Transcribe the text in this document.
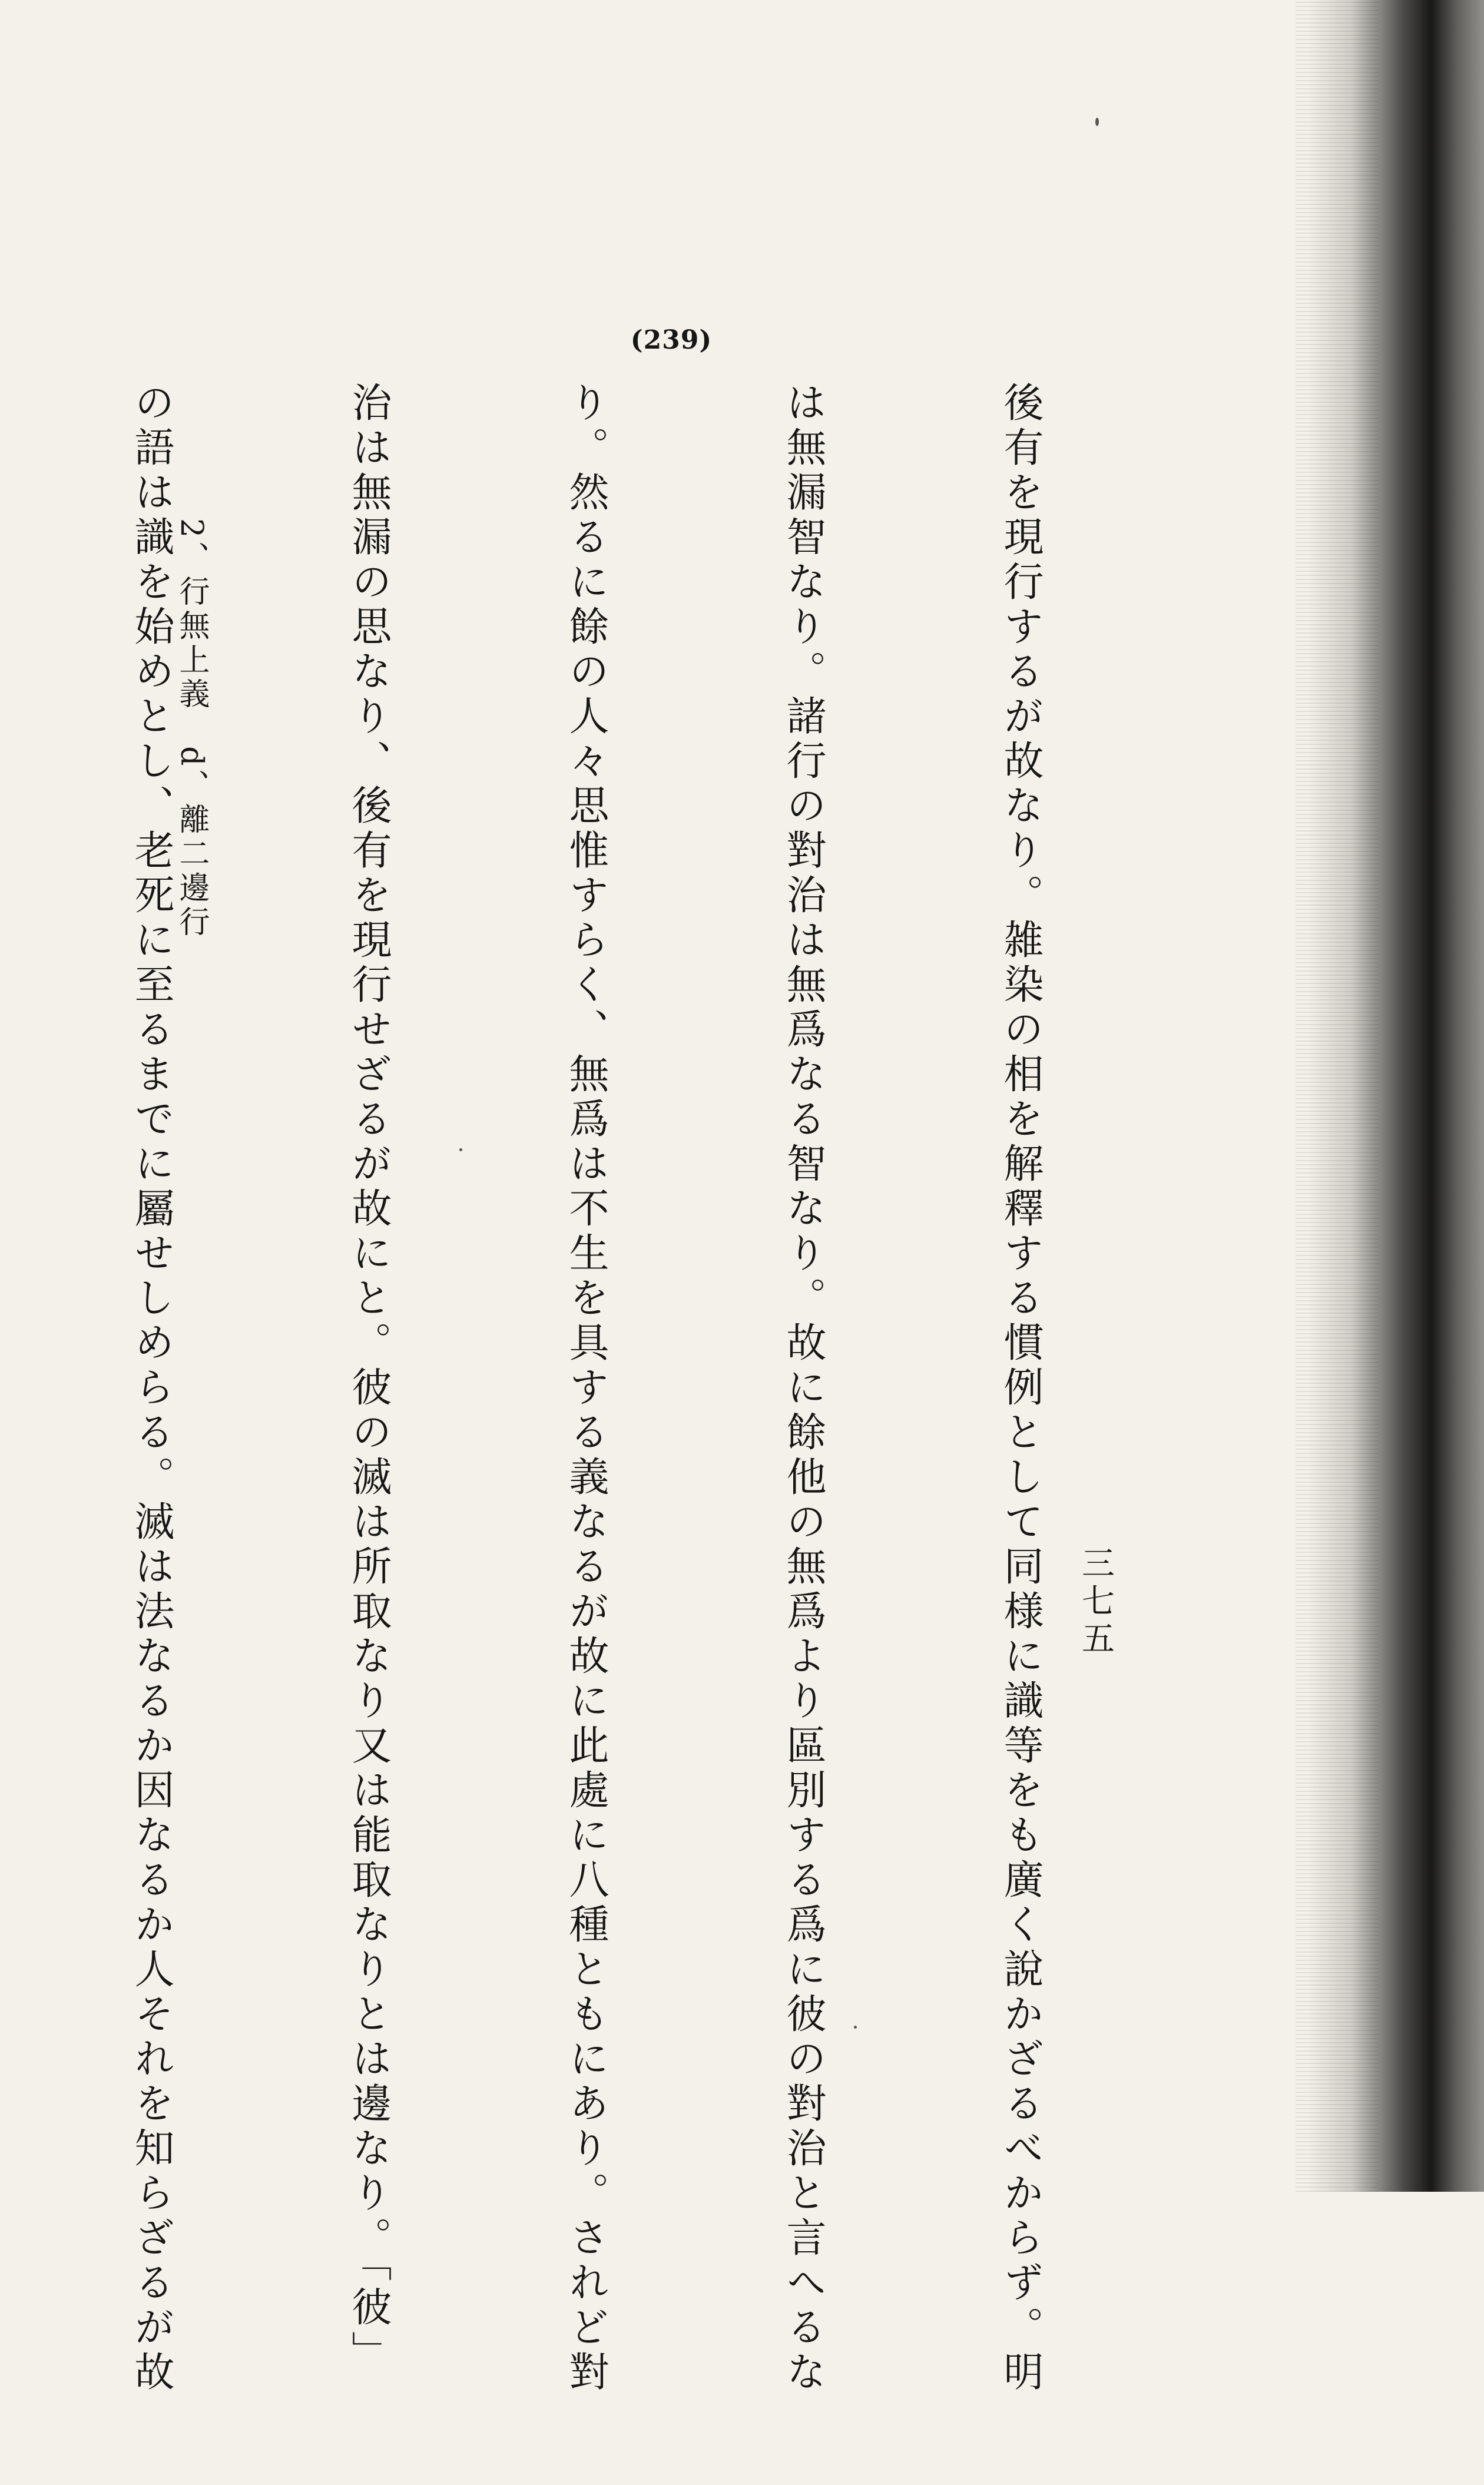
(239)

後有を現行するが故なり。雑染の相を解釋する慣例として同様に識等をも廣く說かざるべからず。明

は無漏智なり。諸行の對治は無爲なる智なり。故に餘他の無爲より區別する爲に彼の對治と言へるな

り。然るに餘の人々思惟すらく、無爲は不生を具する義なるが故に此處に八種ともにあり。されど對

治は無漏の思なり、後有を現行せざるが故にと。彼の滅は所取なり又は能取なりとは邊なり。「彼」

の語は識を始めとし、老死に至るまでに屬せしめらる。滅は法なるか因なるか人それを知らざるが故

2、行無上義　d、離二邊行
三七五
